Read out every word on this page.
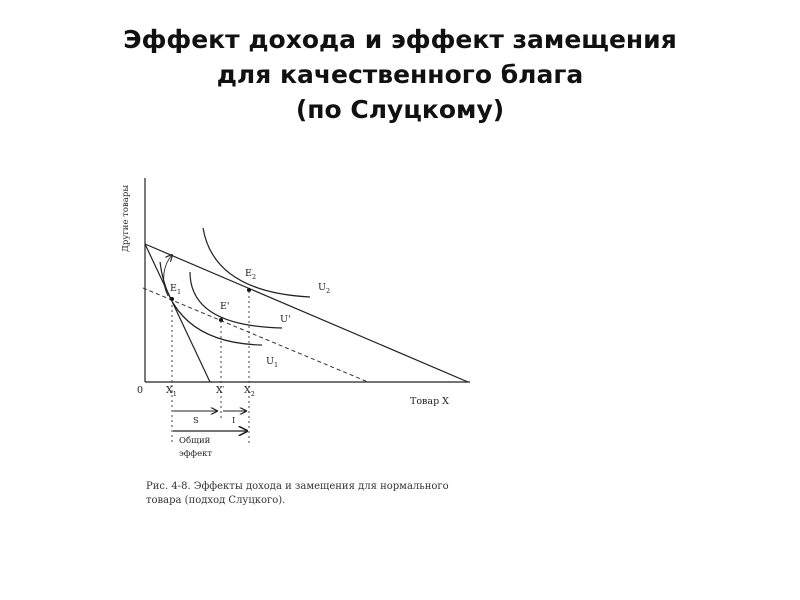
Эффект дохода и эффект замещения
для качественного блага
(по Слуцкому)
Другие товары
0
Товар X
$E_1$
E'
$E_2$
$U_1$
U'
$U_2$
$X_1$	X' $X_2$
S	I
Общий
эффект
Рис. 4-8. Эффекты дохода и замещения для нормального
товара (подход Слуцкого).
